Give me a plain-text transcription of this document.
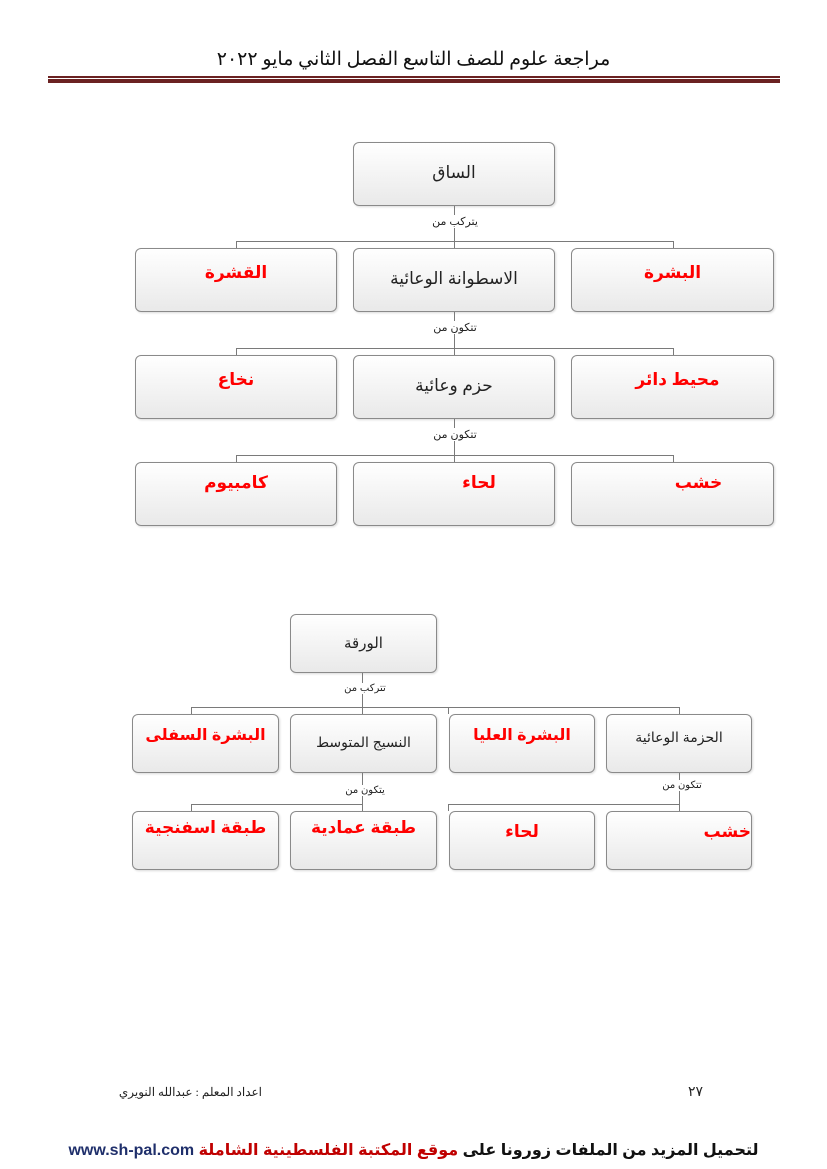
مراجعة علوم للصف التاسع الفصل الثاني مايو ٢٠٢٢
الساق
يتركب من
البشرة
الاسطوانة الوعائية
القشرة
تتكون من
محيط دائر
حزم وعائية
نخاع
تتكون من
خشب
لحاء
كامبيوم
الورقة
تتركب من
الحزمة الوعائية
البشرة العليا
النسيج المتوسط
البشرة السفلى
تتكون من
يتكون من
خشب
لحاء
طبقة عمادية
طبقة اسفنجية
اعداد المعلم : عبدالله النويري	٢٧
لتحميل المزيد من الملفات زورونا على موقع المكتبة الفلسطينية الشاملة www.sh-pal.com
